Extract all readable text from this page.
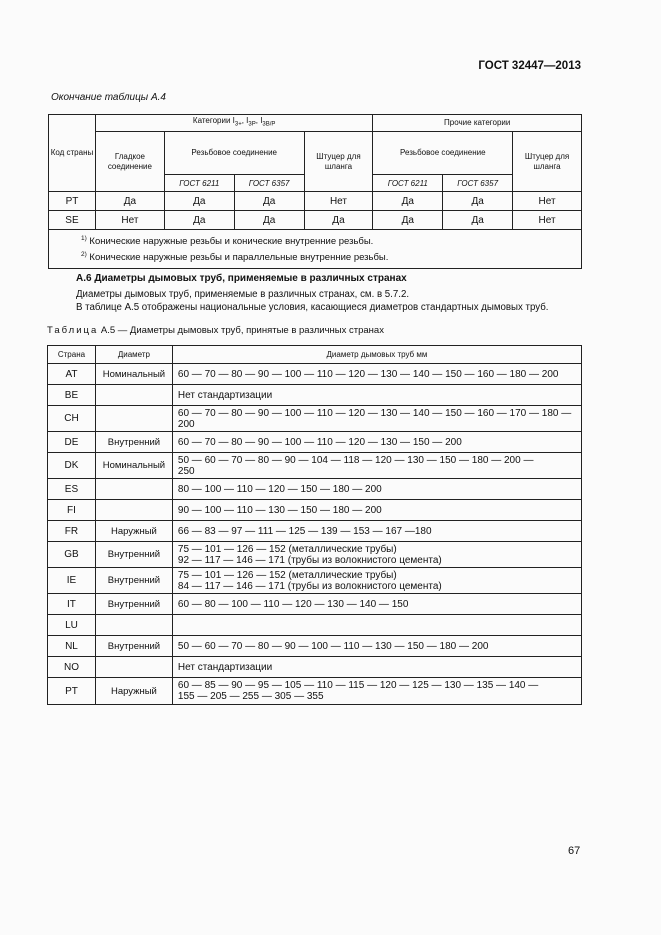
ГОСТ 32447—2013
Окончание таблицы А.4
Код страны	Категории $I_{3+}$, $I_{3P}$, $I_{3B/P}$				Прочие категории		
	Гладкое соединение	Резьбовое соединение		Штуцер для шланга	Резьбовое соединение		Штуцер для шланга
		ГОСТ 6211	ГОСТ 6357		ГОСТ 6211	ГОСТ 6357	
PT	Да	Да	Да	Нет	Да	Да	Нет
SE	Нет	Да	Да	Да	Да	Да	Нет

$^{1)}$ Конические наружные резьбы и конические внутренние резьбы.
$^{2)}$ Конические наружные резьбы и параллельные внутренние резьбы.							
А.6 Диаметры дымовых труб, применяемые в различных странах
Диаметры дымовых труб, применяемые в различных странах, см. в 5.7.2.
В таблице А.5 отображены национальные условия, касающиеся диаметров стандартных дымовых труб.
Таблица А.5 — Диаметры дымовых труб, принятые в различных странах
Страна	Диаметр	Диаметр дымовых труб мм
AT	Номинальный	60 — 70 — 80 — 90 — 100 — 110 — 120 — 130 — 140 — 150 — 160 — 180 — 200
BE		Нет стандартизации
CH		60 — 70 — 80 — 90 — 100 — 110 — 120 — 130 — 140 — 150 — 160 — 170 — 180 —
200

DE	Внутренний	60 — 70 — 80 — 90 — 100 — 110 — 120 — 130 — 150 — 200
DK	Номинальный	50 — 60 — 70 — 80 — 90 — 104 — 118 — 120 — 130 — 150 — 180 — 200 —
250

ES		80 — 100 — 110 — 120 — 150 — 180 — 200
FI		90 — 100 — 110 — 130 — 150 — 180 — 200
FR	Наружный	66 — 83 — 97 — 111 — 125 — 139 — 153 — 167 —180
GB	Внутренний	75 — 101 — 126 — 152 (металлические трубы)
92 — 117 — 146 — 171 (трубы из волокнистого цемента)

IE	Внутренний	75 — 101 — 126 — 152 (металлические трубы)
84 — 117 — 146 — 171 (трубы из волокнистого цемента)

IT	Внутренний	60 — 80 — 100 — 110 — 120 — 130 — 140 — 150
LU		
NL	Внутренний	50 — 60 — 70 — 80 — 90 — 100 — 110 — 130 — 150 — 180 — 200
NO		Нет стандартизации
PT	Наружный	60 — 85 — 90 — 95 — 105 — 110 — 115 — 120 — 125 — 130 — 135 — 140 —
155 — 205 — 255 — 305 — 355
67
